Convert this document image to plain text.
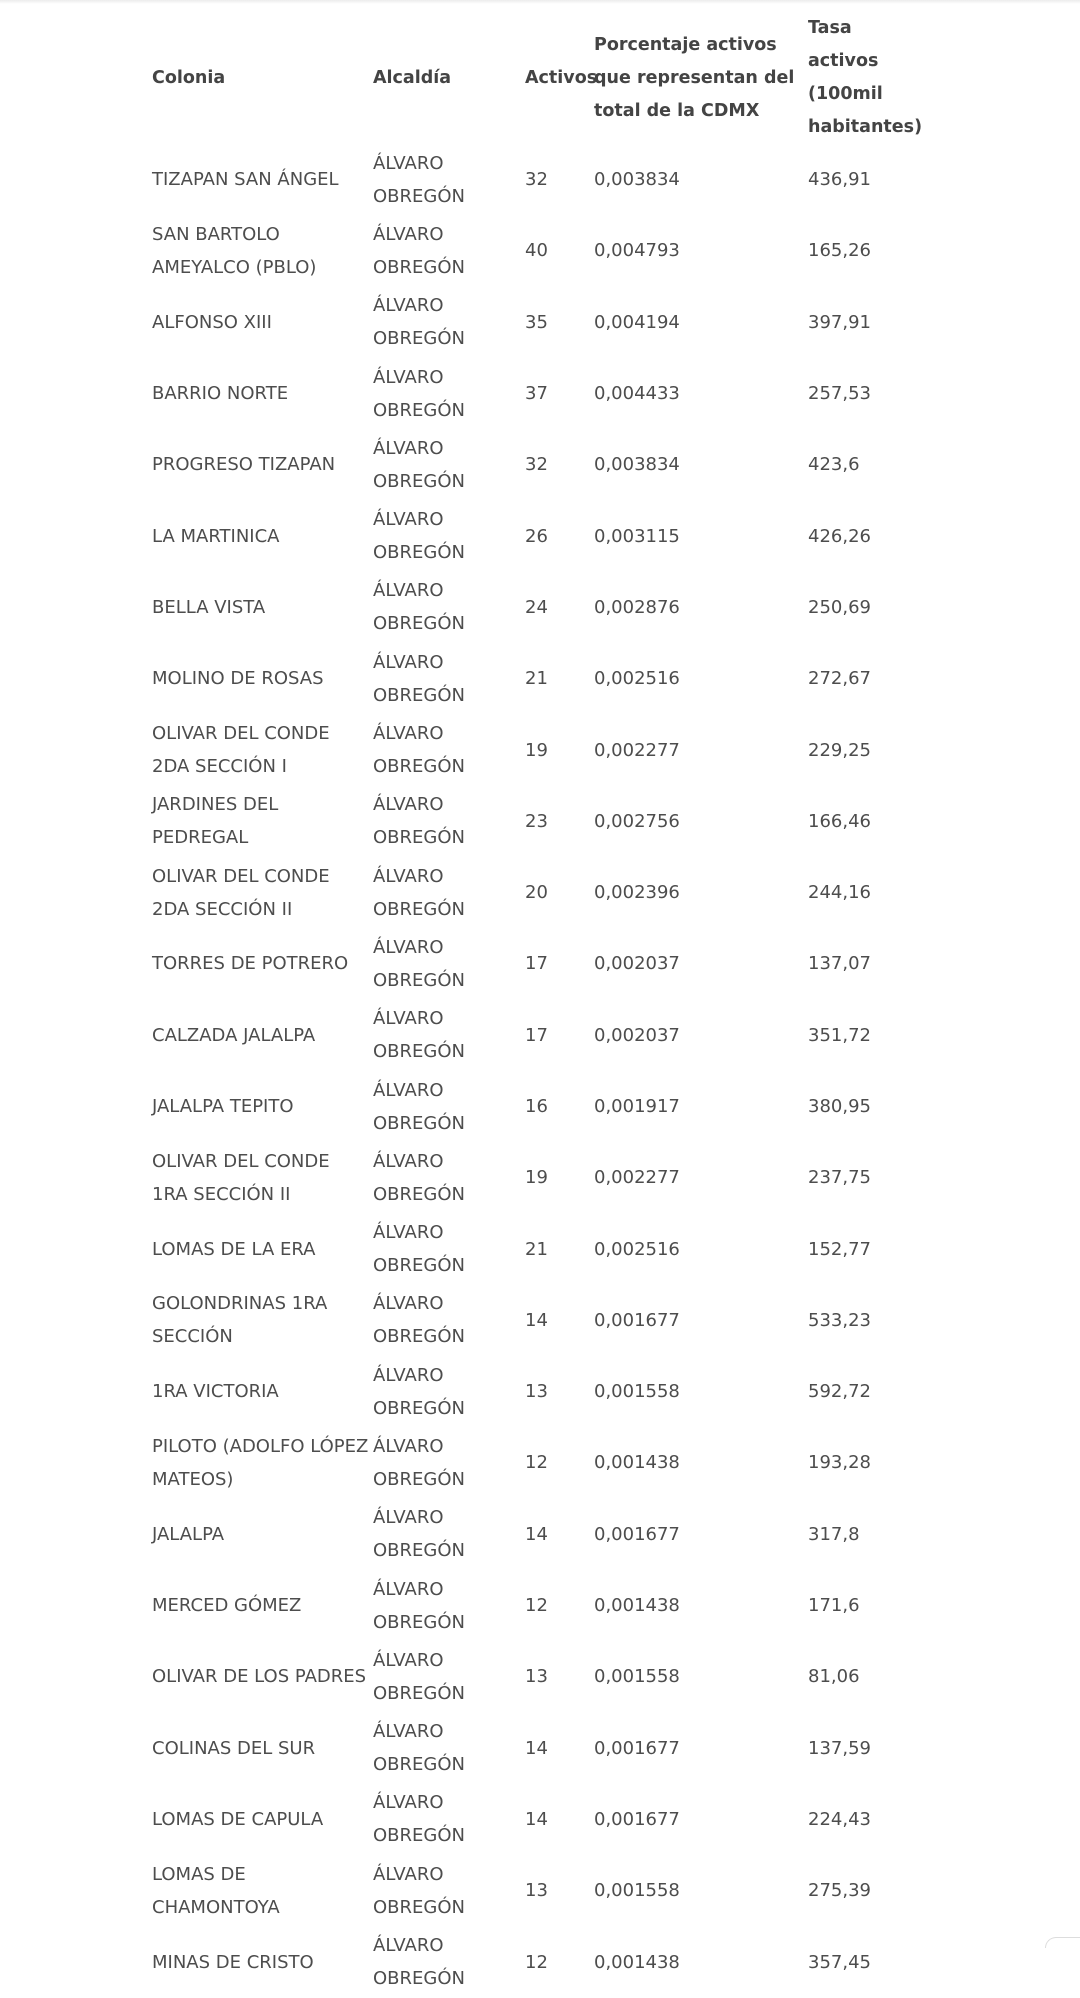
Colonia	Alcaldía	Activos	Porcentaje activos que representan del total de la CDMX	Tasa activos (100mil habitantes)
TIZAPAN SAN ÁNGEL	ÁLVARO OBREGÓN	32	0,003834	436,91
SAN BARTOLO AMEYALCO (PBLO)	ÁLVARO OBREGÓN	40	0,004793	165,26
ALFONSO XIII	ÁLVARO OBREGÓN	35	0,004194	397,91
BARRIO NORTE	ÁLVARO OBREGÓN	37	0,004433	257,53
PROGRESO TIZAPAN	ÁLVARO OBREGÓN	32	0,003834	423,6
LA MARTINICA	ÁLVARO OBREGÓN	26	0,003115	426,26
BELLA VISTA	ÁLVARO OBREGÓN	24	0,002876	250,69
MOLINO DE ROSAS	ÁLVARO OBREGÓN	21	0,002516	272,67
OLIVAR DEL CONDE 2DA SECCIÓN I	ÁLVARO OBREGÓN	19	0,002277	229,25
JARDINES DEL PEDREGAL	ÁLVARO OBREGÓN	23	0,002756	166,46
OLIVAR DEL CONDE 2DA SECCIÓN II	ÁLVARO OBREGÓN	20	0,002396	244,16
TORRES DE POTRERO	ÁLVARO OBREGÓN	17	0,002037	137,07
CALZADA JALALPA	ÁLVARO OBREGÓN	17	0,002037	351,72
JALALPA TEPITO	ÁLVARO OBREGÓN	16	0,001917	380,95
OLIVAR DEL CONDE 1RA SECCIÓN II	ÁLVARO OBREGÓN	19	0,002277	237,75
LOMAS DE LA ERA	ÁLVARO OBREGÓN	21	0,002516	152,77
GOLONDRINAS 1RA SECCIÓN	ÁLVARO OBREGÓN	14	0,001677	533,23
1RA VICTORIA	ÁLVARO OBREGÓN	13	0,001558	592,72
PILOTO (ADOLFO LÓPEZ MATEOS)	ÁLVARO OBREGÓN	12	0,001438	193,28
JALALPA	ÁLVARO OBREGÓN	14	0,001677	317,8
MERCED GÓMEZ	ÁLVARO OBREGÓN	12	0,001438	171,6
OLIVAR DE LOS PADRES	ÁLVARO OBREGÓN	13	0,001558	81,06
COLINAS DEL SUR	ÁLVARO OBREGÓN	14	0,001677	137,59
LOMAS DE CAPULA	ÁLVARO OBREGÓN	14	0,001677	224,43
LOMAS DE CHAMONTOYA	ÁLVARO OBREGÓN	13	0,001558	275,39
MINAS DE CRISTO	ÁLVARO OBREGÓN	12	0,001438	357,45
